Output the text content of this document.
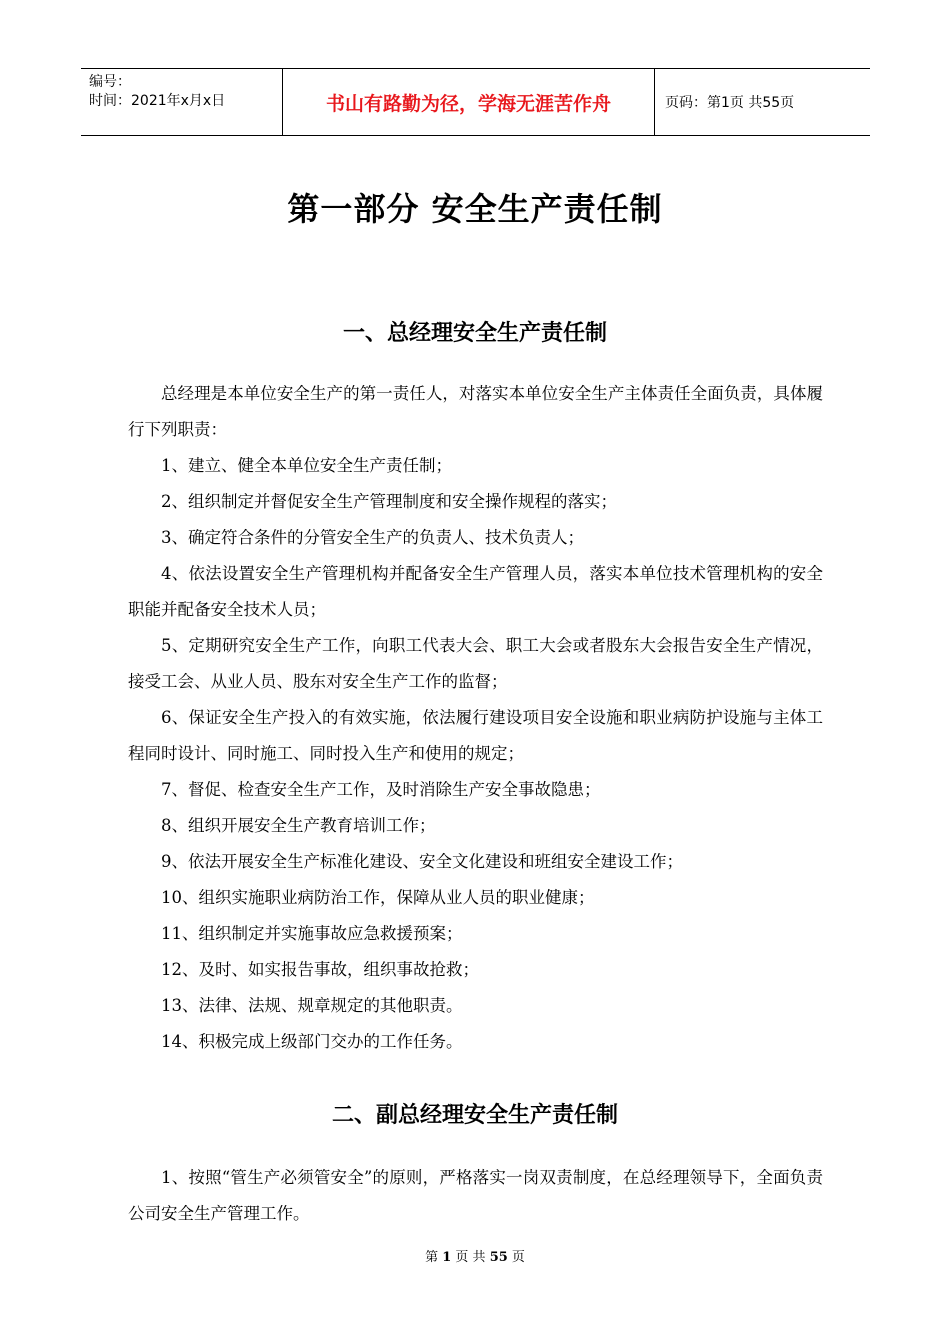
编号：
时间：2021年x月x日	书山有路勤为径，学海无涯苦作舟	页码：第1页 共55页
第一部分 安全生产责任制
一、总经理安全生产责任制

总经理是本单位安全生产的第一责任人，对落实本单位安全生产主体责任全面负责，具体履行下列职责：

1、建立、健全本单位安全生产责任制；

2、组织制定并督促安全生产管理制度和安全操作规程的落实；

3、确定符合条件的分管安全生产的负责人、技术负责人；

4、依法设置安全生产管理机构并配备安全生产管理人员，落实本单位技术管理机构的安全职能并配备安全技术人员；

5、定期研究安全生产工作，向职工代表大会、职工大会或者股东大会报告安全生产情况，接受工会、从业人员、股东对安全生产工作的监督；

6、保证安全生产投入的有效实施，依法履行建设项目安全设施和职业病防护设施与主体工程同时设计、同时施工、同时投入生产和使用的规定；

7、督促、检查安全生产工作，及时消除生产安全事故隐患；

8、组织开展安全生产教育培训工作；

9、依法开展安全生产标准化建设、安全文化建设和班组安全建设工作；

10、组织实施职业病防治工作，保障从业人员的职业健康；

11、组织制定并实施事故应急救援预案；

12、及时、如实报告事故，组织事故抢救；

13、法律、法规、规章规定的其他职责。

14、积极完成上级部门交办的工作任务。

二、副总经理安全生产责任制

1、按照“管生产必须管安全”的原则，严格落实一岗双责制度，在总经理领导下，全面负责公司安全生产管理工作。

第 1 页 共 55 页
